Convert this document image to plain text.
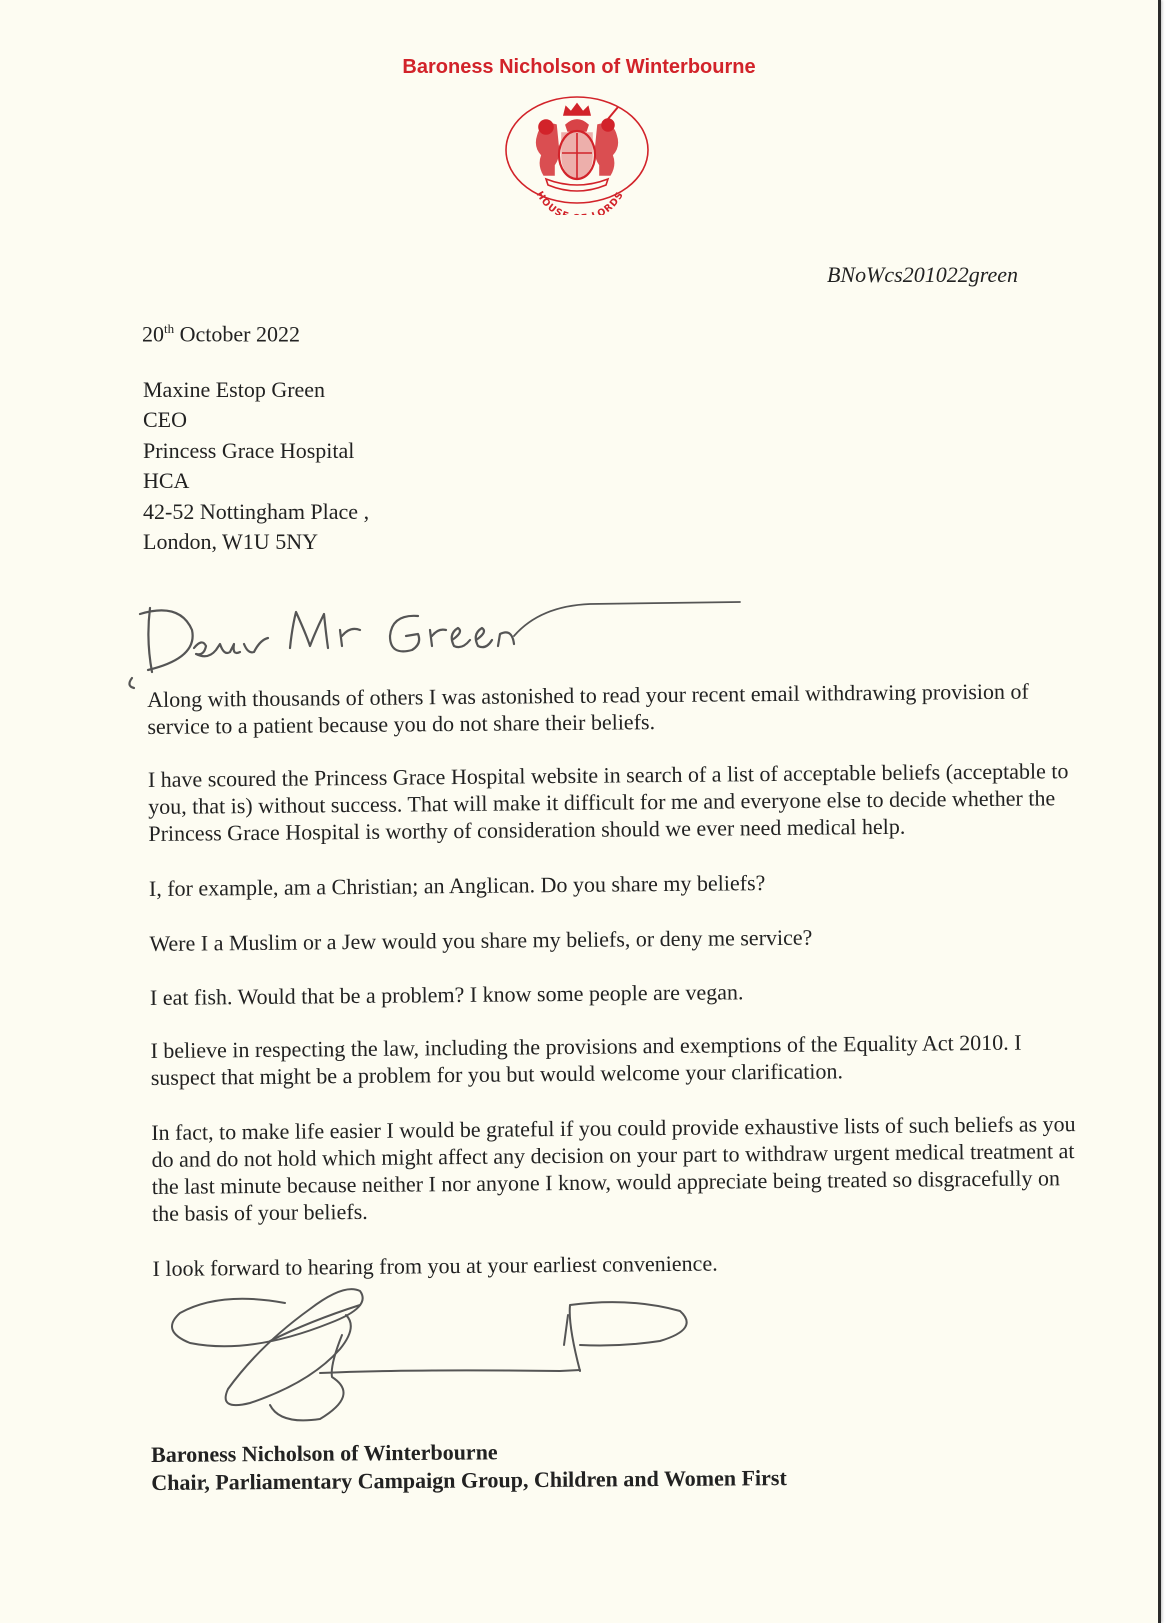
Baroness Nicholson of Winterbourne
HOUS ORDS
BNoWcs201022green
20th October 2022
Maxine Estop Green
CEO
Princess Grace Hospital
HCA
42-52 Nottingham Place ,
London, W1U 5NY

Along with thousands of others I was astonished to read your recent email withdrawing provision of service to a patient because you do not share their beliefs.

I have scoured the Princess Grace Hospital website in search of a list of acceptable beliefs (acceptable to you, that is) without success. That will make it difficult for me and everyone else to decide whether the Princess Grace Hospital is worthy of consideration should we ever need medical help.

I, for example, am a Christian; an Anglican. Do you share my beliefs?

Were I a Muslim or a Jew would you share my beliefs, or deny me service?

I eat fish. Would that be a problem? I know some people are vegan.

I believe in respecting the law, including the provisions and exemptions of the Equality Act 2010. I suspect that might be a problem for you but would welcome your clarification.

In fact, to make life easier I would be grateful if you could provide exhaustive lists of such beliefs as you do and do not hold which might affect any decision on your part to withdraw urgent medical treatment at the last minute because neither I nor anyone I know, would appreciate being treated so disgracefully on the basis of your beliefs.

I look forward to hearing from you at your earliest convenience.

Baroness Nicholson of Winterbourne
Chair, Parliamentary Campaign Group, Children and Women First
